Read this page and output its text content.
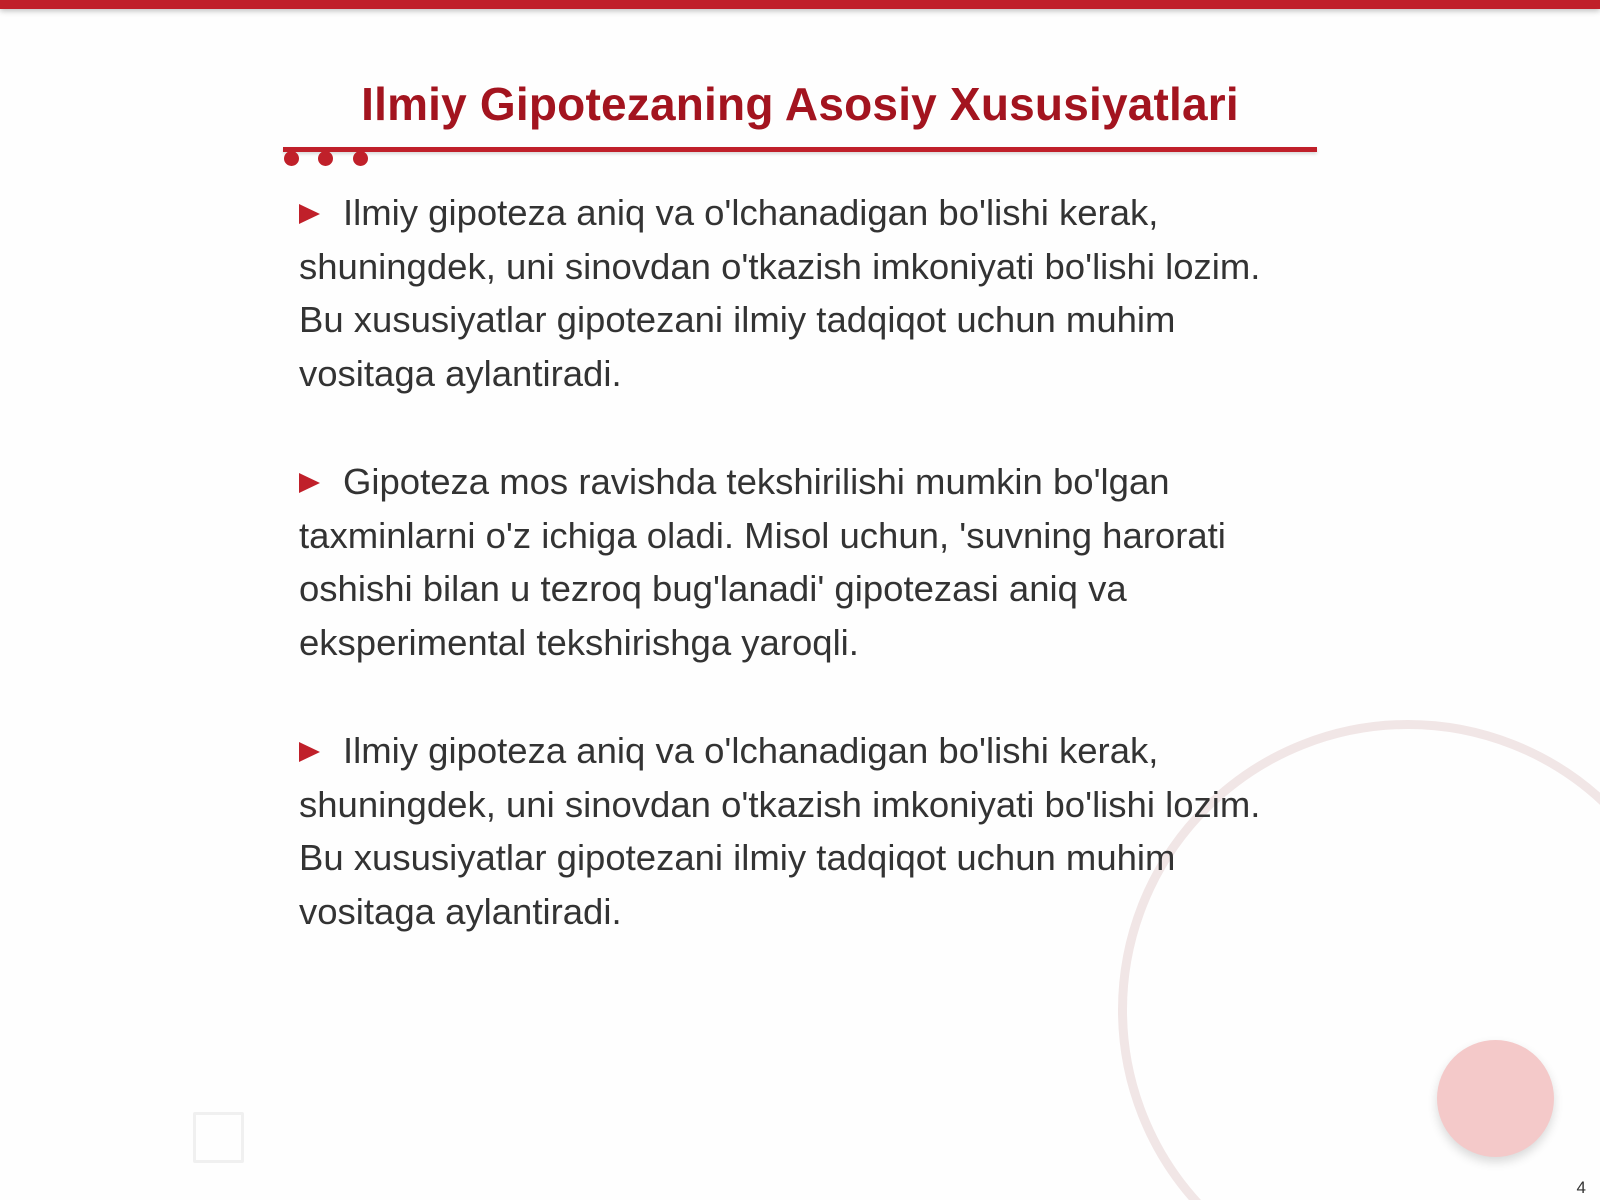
Ilmiy Gipotezaning Asosiy Xususiyatlari

Ilmiy gipoteza aniq va o'lchanadigan bo'lishi kerak, shuningdek, uni sinovdan o'tkazish imkoniyati bo'lishi lozim. Bu xususiyatlar gipotezani ilmiy tadqiqot uchun muhim vositaga aylantiradi.

Gipoteza mos ravishda tekshirilishi mumkin bo'lgan taxminlarni o'z ichiga oladi. Misol uchun, 'suvning harorati oshishi bilan u tezroq bug'lanadi' gipotezasi aniq va eksperimental tekshirishga yaroqli.

Ilmiy gipoteza aniq va o'lchanadigan bo'lishi kerak, shuningdek, uni sinovdan o'tkazish imkoniyati bo'lishi lozim. Bu xususiyatlar gipotezani ilmiy tadqiqot uchun muhim vositaga aylantiradi.

4
